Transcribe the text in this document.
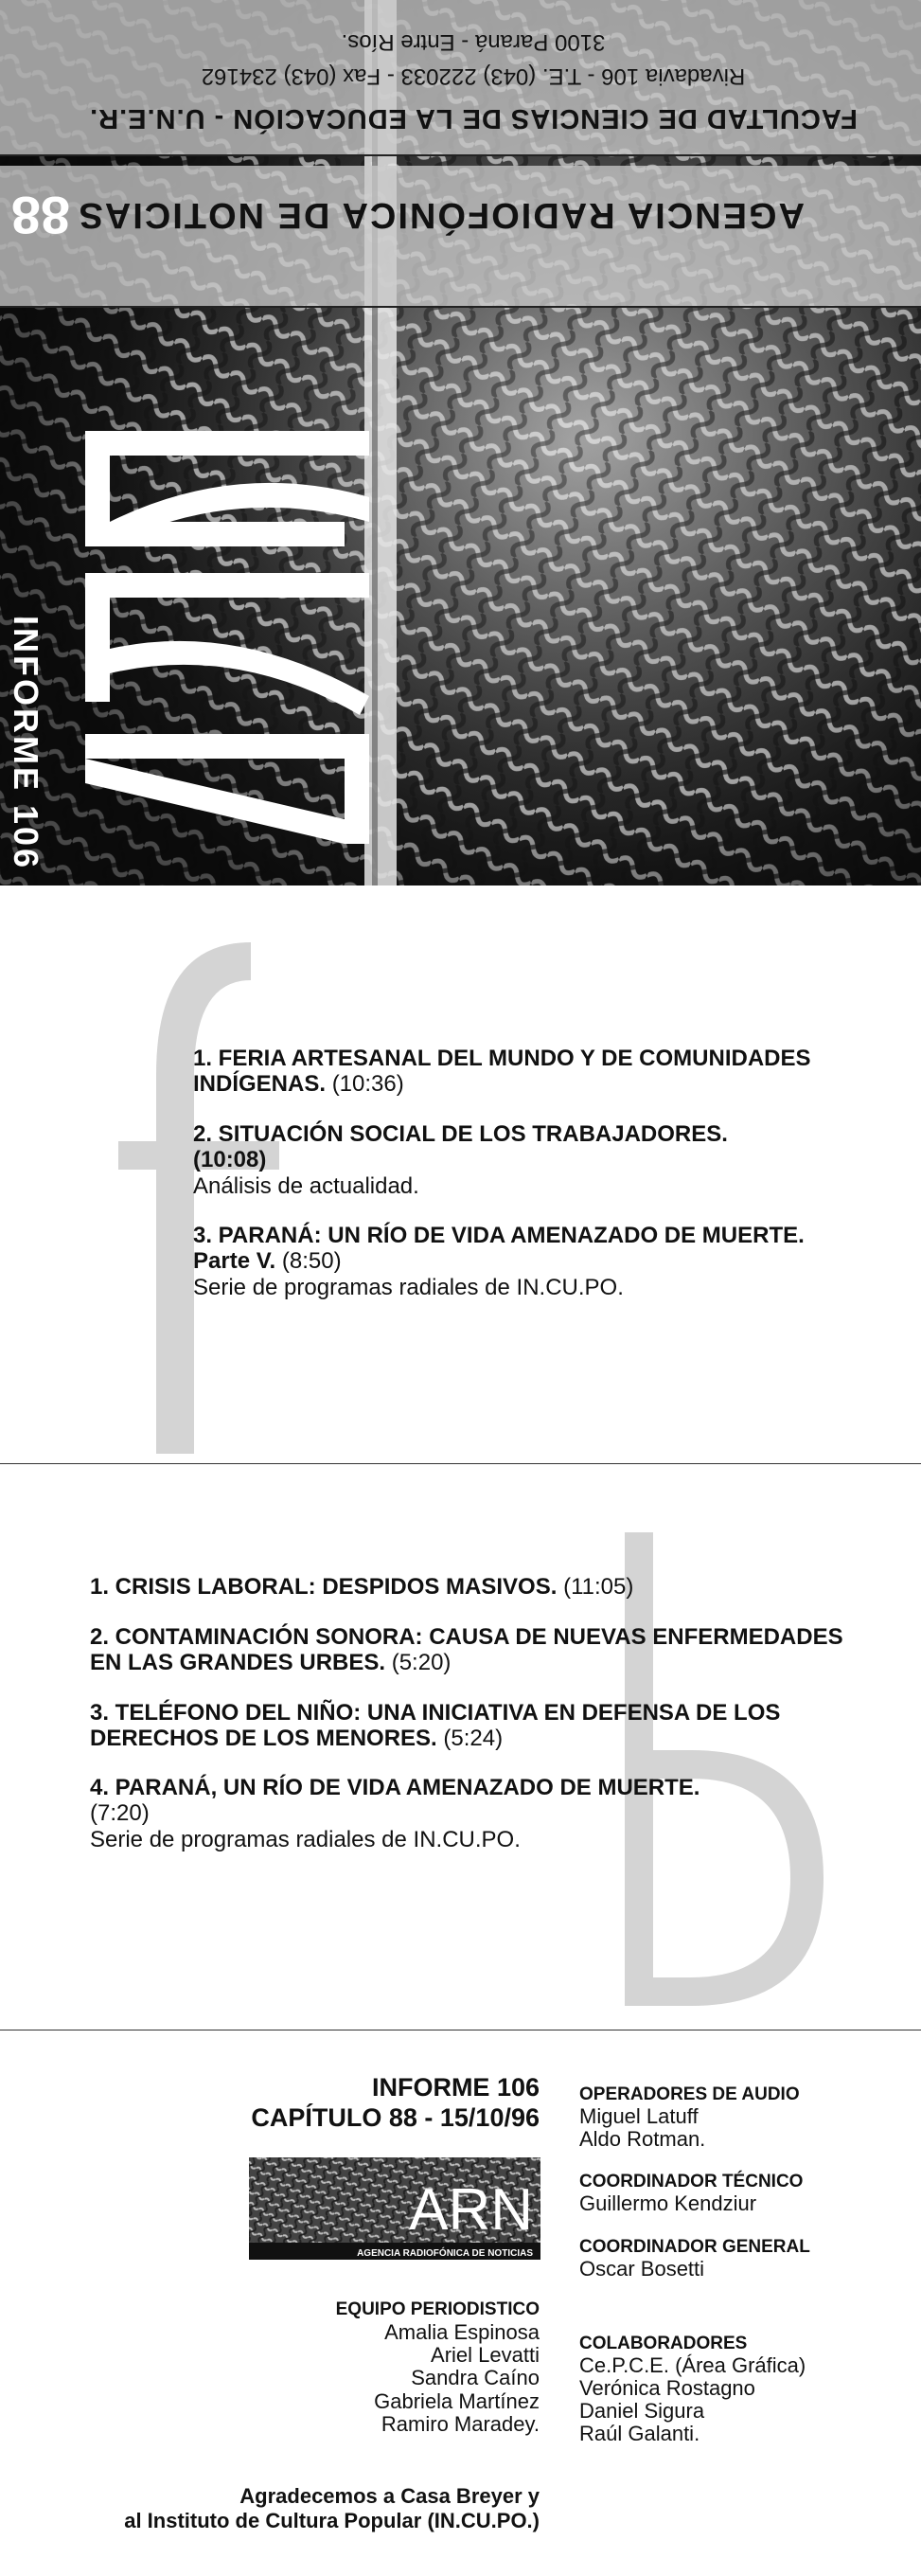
FACULTAD DE CIENCIAS DE LA EDUCACIÓN - U.N.E.R.
Rivadavia 106 - T.E. (043) 222033 - Fax (043) 234162
3100 Paraná - Entre Ríos.
AGENCIA RADIOFÓNICA DE NOTICIAS
88
INFORME 106
1. FERIA ARTESANAL DEL MUNDO Y DE COMUNIDADES INDÍGENAS. (10:36)
2. SITUACIÓN SOCIAL DE LOS TRABAJADORES.
(10:08)
Análisis de actualidad.
3. PARANÁ: UN RÍO DE VIDA AMENAZADO DE MUERTE. Parte V. (8:50)
Serie de programas radiales de IN.CU.PO.
1. CRISIS LABORAL: DESPIDOS MASIVOS. (11:05)
2. CONTAMINACIÓN SONORA: CAUSA DE NUEVAS ENFERMEDADES EN LAS GRANDES URBES. (5:20)
3. TELÉFONO DEL NIÑO: UNA INICIATIVA EN DEFENSA DE LOS DERECHOS DE LOS MENORES. (5:24)
4. PARANÁ, UN RÍO DE VIDA AMENAZADO DE MUERTE.
(7:20)
Serie de programas radiales de IN.CU.PO.
INFORME 106
CAPÍTULO 88 - 15/10/96
ARN
AGENCIA RADIOFÓNICA DE NOTICIAS
EQUIPO PERIODISTICO
Amalia Espinosa
Ariel Levatti
Sandra Caíno
Gabriela Martínez
Ramiro Maradey.
OPERADORES DE AUDIO
Miguel Latuff
Aldo Rotman.
COORDINADOR TÉCNICO
Guillermo Kendziur
COORDINADOR GENERAL
Oscar Bosetti
COLABORADORES
Ce.P.C.E. (Área Gráfica)
Verónica Rostagno
Daniel Sigura
Raúl Galanti.
Agradecemos a Casa Breyer y
al Instituto de Cultura Popular (IN.CU.PO.)
